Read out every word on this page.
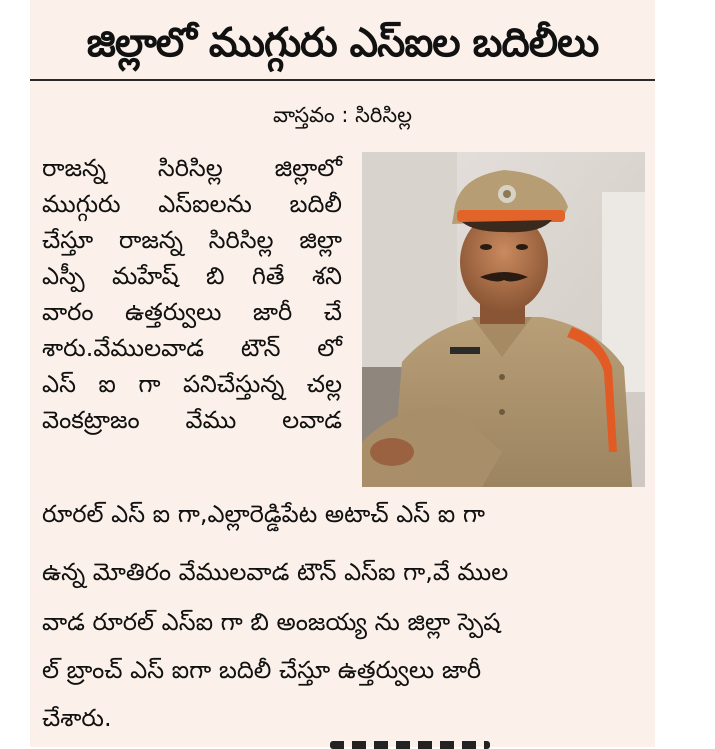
జిల్లాలో ముగ్గురు ఎస్ఐల బదిలీలు
వాస్తవం : సిరిసిల్ల
రాజన్న సిరిసిల్ల జిల్లాలో
ముగ్గురు ఎస్ఐలను బదిలీ
చేస్తూ రాజన్న సిరిసిల్ల జిల్లా
ఎస్పీ మహేష్ బి గితే శని
వారం ఉత్తర్వులు జారీ చే
శారు.వేములవాడ టౌన్ లో
ఎస్ ఐ గా పనిచేస్తున్న చల్ల
వెంకట్రాజం వేము లవాడ
రూరల్ ఎస్ ఐ గా,ఎల్లారెడ్డిపేట అటాచ్ ఎస్ ఐ గా
ఉన్న మోతిరం వేములవాడ టౌన్ ఎస్ఐ గా,వే ముల
వాడ రూరల్ ఎస్ఐ గా బి అంజయ్య ను జిల్లా స్పెష
ల్ బ్రాంచ్ ఎస్ ఐగా బదిలీ చేస్తూ ఉత్తర్వులు జారీ
చేశారు.
